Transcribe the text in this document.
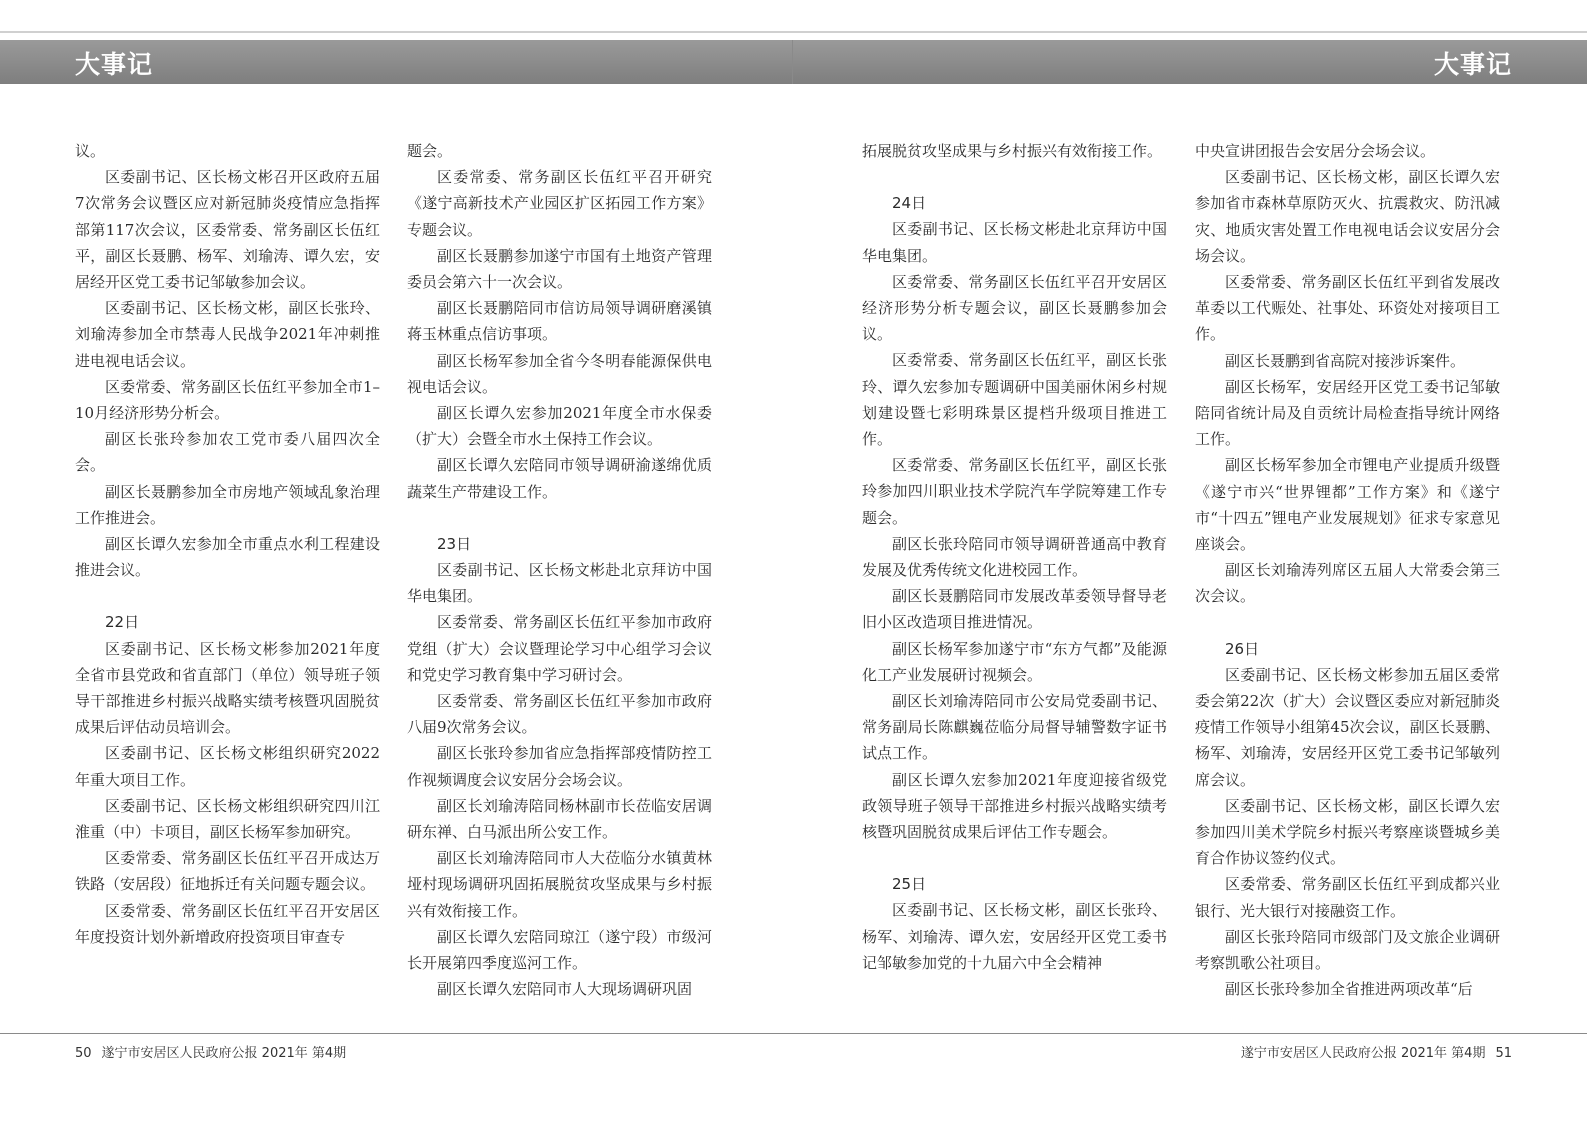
大事记	大事记

议。

区委副书记、区长杨文彬召开区政府五届7次常务会议暨区应对新冠肺炎疫情应急指挥部第117次会议，区委常委、常务副区长伍红平，副区长聂鹏、杨军、刘瑜涛、谭久宏，安居经开区党工委书记邹敏参加会议。

区委副书记、区长杨文彬，副区长张玲、刘瑜涛参加全市禁毒人民战争2021年冲刺推进电视电话会议。

区委常委、常务副区长伍红平参加全市1–10月经济形势分析会。

副区长张玲参加农工党市委八届四次全会。

副区长聂鹏参加全市房地产领域乱象治理工作推进会。

副区长谭久宏参加全市重点水利工程建设推进会议。

22日

区委副书记、区长杨文彬参加2021年度全省市县党政和省直部门（单位）领导班子领导干部推进乡村振兴战略实绩考核暨巩固脱贫成果后评估动员培训会。

区委副书记、区长杨文彬组织研究2022年重大项目工作。

区委副书记、区长杨文彬组织研究四川江淮重（中）卡项目，副区长杨军参加研究。

区委常委、常务副区长伍红平召开成达万铁路（安居段）征地拆迁有关问题专题会议。

区委常委、常务副区长伍红平召开安居区年度投资计划外新增政府投资项目审查专

题会。

区委常委、常务副区长伍红平召开研究《遂宁高新技术产业园区扩区拓园工作方案》专题会议。

副区长聂鹏参加遂宁市国有土地资产管理委员会第六十一次会议。

副区长聂鹏陪同市信访局领导调研磨溪镇蒋玉林重点信访事项。

副区长杨军参加全省今冬明春能源保供电视电话会议。

副区长谭久宏参加2021年度全市水保委（扩大）会暨全市水土保持工作会议。

副区长谭久宏陪同市领导调研渝遂绵优质蔬菜生产带建设工作。

23日

区委副书记、区长杨文彬赴北京拜访中国华电集团。

区委常委、常务副区长伍红平参加市政府党组（扩大）会议暨理论学习中心组学习会议和党史学习教育集中学习研讨会。

区委常委、常务副区长伍红平参加市政府八届9次常务会议。

副区长张玲参加省应急指挥部疫情防控工作视频调度会议安居分会场会议。

副区长刘瑜涛陪同杨林副市长莅临安居调研东禅、白马派出所公安工作。

副区长刘瑜涛陪同市人大莅临分水镇黄林垭村现场调研巩固拓展脱贫攻坚成果与乡村振兴有效衔接工作。

副区长谭久宏陪同琼江（遂宁段）市级河长开展第四季度巡河工作。

副区长谭久宏陪同市人大现场调研巩固

拓展脱贫攻坚成果与乡村振兴有效衔接工作。

24日

区委副书记、区长杨文彬赴北京拜访中国华电集团。

区委常委、常务副区长伍红平召开安居区经济形势分析专题会议，副区长聂鹏参加会议。

区委常委、常务副区长伍红平，副区长张玲、谭久宏参加专题调研中国美丽休闲乡村规划建设暨七彩明珠景区提档升级项目推进工作。

区委常委、常务副区长伍红平，副区长张玲参加四川职业技术学院汽车学院筹建工作专题会。

副区长张玲陪同市领导调研普通高中教育发展及优秀传统文化进校园工作。

副区长聂鹏陪同市发展改革委领导督导老旧小区改造项目推进情况。

副区长杨军参加遂宁市“东方气都”及能源化工产业发展研讨视频会。

副区长刘瑜涛陪同市公安局党委副书记、常务副局长陈麒巍莅临分局督导辅警数字证书试点工作。

副区长谭久宏参加2021年度迎接省级党政领导班子领导干部推进乡村振兴战略实绩考核暨巩固脱贫成果后评估工作专题会。

25日

区委副书记、区长杨文彬，副区长张玲、杨军、刘瑜涛、谭久宏，安居经开区党工委书记邹敏参加党的十九届六中全会精神

中央宣讲团报告会安居分会场会议。

区委副书记、区长杨文彬，副区长谭久宏参加省市森林草原防灭火、抗震救灾、防汛减灾、地质灾害处置工作电视电话会议安居分会场会议。

区委常委、常务副区长伍红平到省发展改革委以工代赈处、社事处、环资处对接项目工作。

副区长聂鹏到省高院对接涉诉案件。

副区长杨军，安居经开区党工委书记邹敏陪同省统计局及自贡统计局检查指导统计网络工作。

副区长杨军参加全市锂电产业提质升级暨《遂宁市兴“世界锂都”工作方案》和《遂宁市“十四五”锂电产业发展规划》征求专家意见座谈会。

副区长刘瑜涛列席区五届人大常委会第三次会议。

26日

区委副书记、区长杨文彬参加五届区委常委会第22次（扩大）会议暨区委应对新冠肺炎疫情工作领导小组第45次会议，副区长聂鹏、杨军、刘瑜涛，安居经开区党工委书记邹敏列席会议。

区委副书记、区长杨文彬，副区长谭久宏参加四川美术学院乡村振兴考察座谈暨城乡美育合作协议签约仪式。

区委常委、常务副区长伍红平到成都兴业银行、光大银行对接融资工作。

副区长张玲陪同市级部门及文旅企业调研考察凯歌公社项目。

副区长张玲参加全省推进两项改革“后

50 遂宁市安居区人民政府公报 2021年 第4期	遂宁市安居区人民政府公报 2021年 第4期 51
